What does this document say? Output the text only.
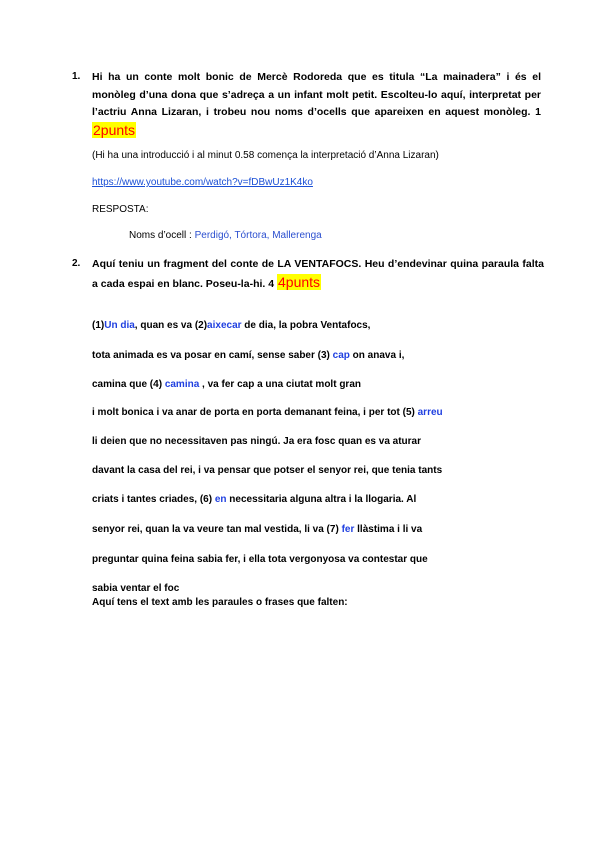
1. Hi ha un conte molt bonic de Mercè Rodoreda que es titula “La mainadera” i és el monòleg d’una dona que s’adreça a un infant molt petit. Escolteu-lo aquí, interpretat per l’actriu Anna Lizaran, i trobeu nou noms d’ocells que apareixen en aquest monòleg. 1 2punts
(Hi ha una introducció i al minut 0.58 comença la interpretació d’Anna Lizaran)
https://www.youtube.com/watch?v=fDBwUz1K4ko
RESPOSTA:
Noms d’ocell : Perdigó, Tórtora, Mallerenga
2. Aquí teniu un fragment del conte de LA VENTAFOCS. Heu d’endevinar quina paraula falta a cada espai en blanc. Poseu-la-hi. 4 4punts
(1)Un dia, quan es va (2)aixecar de dia, la pobra Ventafocs,
tota animada es va posar en camí, sense saber (3) cap on anava i,
camina que (4) camina , va fer cap a una ciutat molt gran
i molt bonica i va anar de porta en porta demanant feina, i per tot (5) arreu
li deien que no necessitaven pas ningú. Ja era fosc quan es va aturar
davant la casa del rei, i va pensar que potser el senyor rei, que tenia tants
criats i tantes criades, (6) en necessitaria alguna altra i la llogaria. Al
senyor rei, quan la va veure tan mal vestida, li va (7) fer llàstima i li va
preguntar quina feina sabia fer, i ella tota vergonyosa va contestar que
sabia ventar el foc
Aquí tens el text amb les paraules o frases que falten:
